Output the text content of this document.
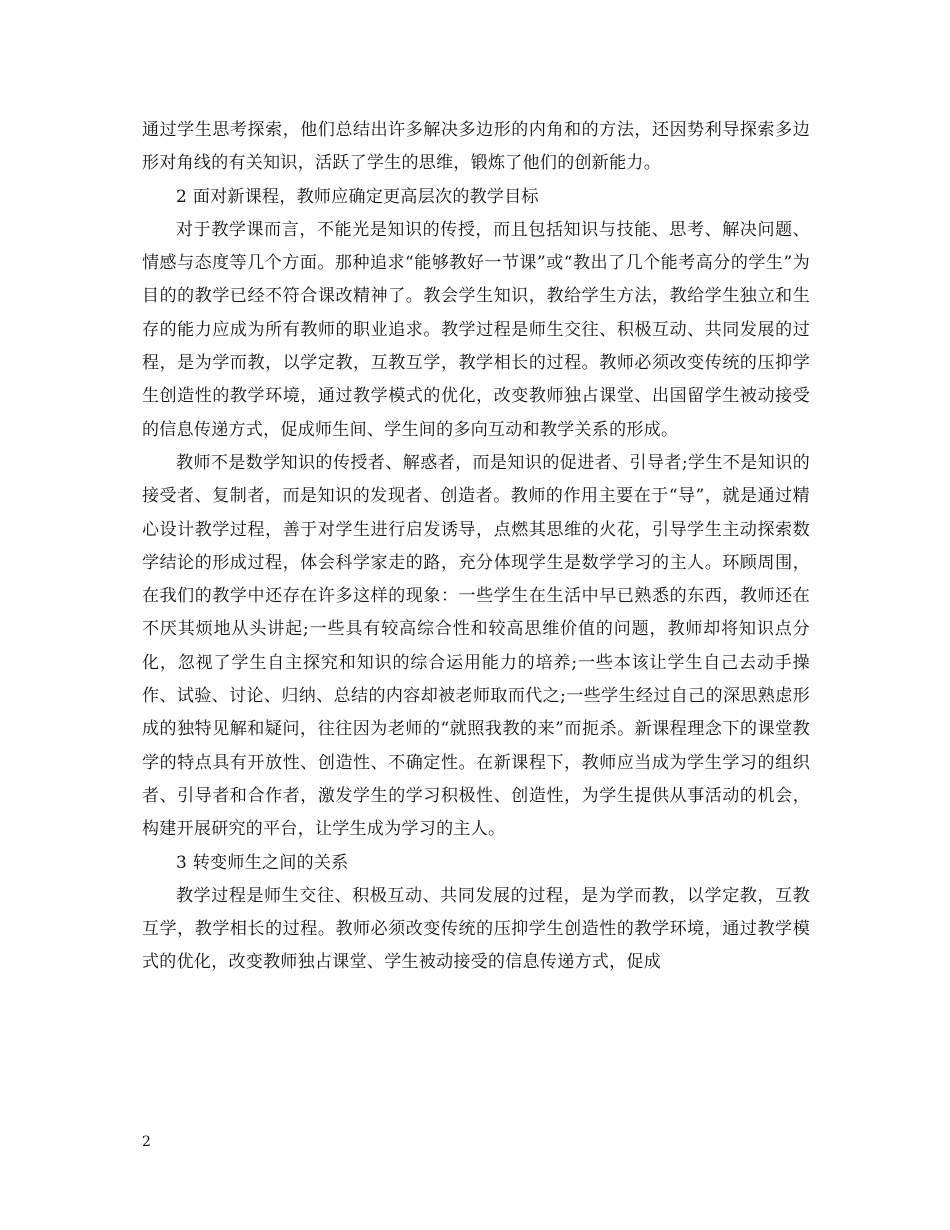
通过学生思考探索，他们总结出许多解决多边形的内角和的方法，还因势利导探索多边形对角线的有关知识，活跃了学生的思维，锻炼了他们的创新能力。

2 面对新课程，教师应确定更高层次的教学目标

对于教学课而言，不能光是知识的传授，而且包括知识与技能、思考、解决问题、情感与态度等几个方面。那种追求“能够教好一节课”或“教出了几个能考高分的学生”为目的的教学已经不符合课改精神了。教会学生知识，教给学生方法，教给学生独立和生存的能力应成为所有教师的职业追求。教学过程是师生交往、积极互动、共同发展的过程，是为学而教，以学定教，互教互学，教学相长的过程。教师必须改变传统的压抑学生创造性的教学环境，通过教学模式的优化，改变教师独占课堂、出国留学生被动接受的信息传递方式，促成师生间、学生间的多向互动和教学关系的形成。

教师不是数学知识的传授者、解惑者，而是知识的促进者、引导者;学生不是知识的接受者、复制者，而是知识的发现者、创造者。教师的作用主要在于“导”，就是通过精心设计教学过程，善于对学生进行启发诱导，点燃其思维的火花，引导学生主动探索数学结论的形成过程，体会科学家走的路，充分体现学生是数学学习的主人。环顾周围，在我们的教学中还存在许多这样的现象：一些学生在生活中早已熟悉的东西，教师还在不厌其烦地从头讲起;一些具有较高综合性和较高思维价值的问题，教师却将知识点分化，忽视了学生自主探究和知识的综合运用能力的培养;一些本该让学生自己去动手操作、试验、讨论、归纳、总结的内容却被老师取而代之;一些学生经过自己的深思熟虑形成的独特见解和疑问，往往因为老师的“就照我教的来”而扼杀。新课程理念下的课堂教学的特点具有开放性、创造性、不确定性。在新课程下，教师应当成为学生学习的组织者、引导者和合作者，激发学生的学习积极性、创造性，为学生提供从事活动的机会，构建开展研究的平台，让学生成为学习的主人。

3 转变师生之间的关系

教学过程是师生交往、积极互动、共同发展的过程，是为学而教，以学定教，互教互学，教学相长的过程。教师必须改变传统的压抑学生创造性的教学环境，通过教学模式的优化，改变教师独占课堂、学生被动接受的信息传递方式，促成

2
